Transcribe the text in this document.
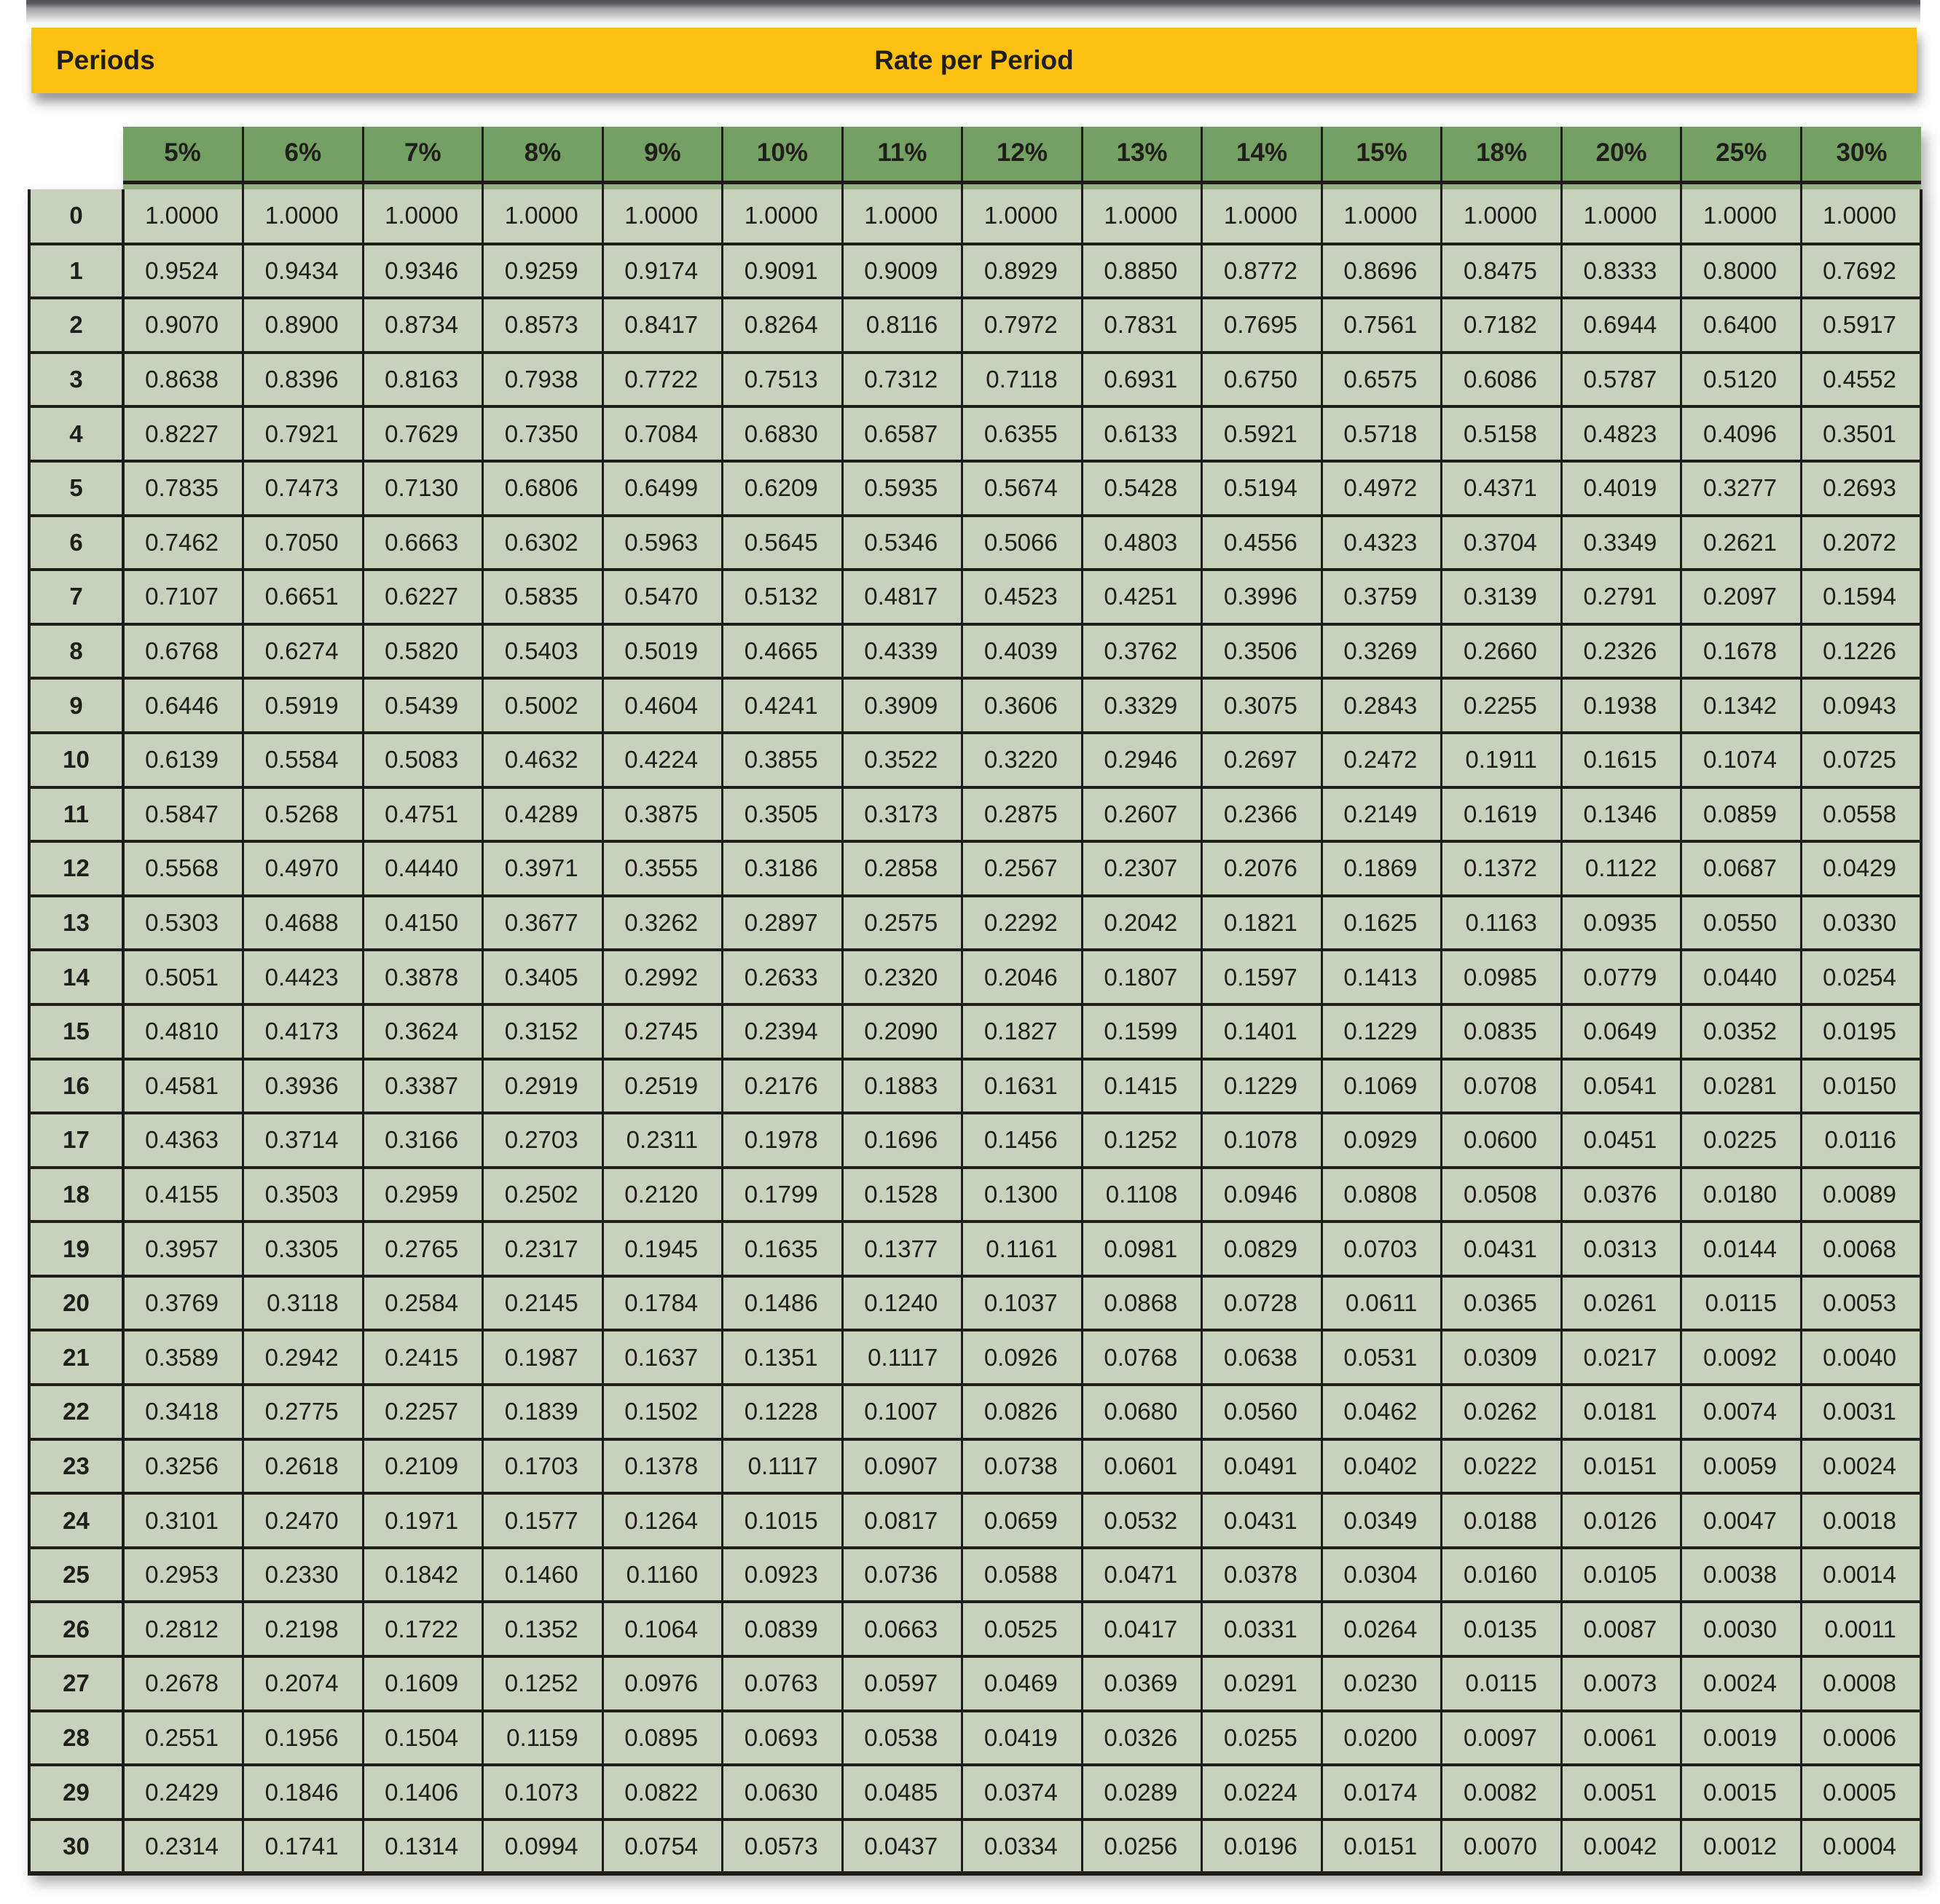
Periods	Rate per Period
	5%	6%	7%	8%	9%	10%	11%	12%	13%	14%	15%	18%	20%	25%	30%
0	1.0000	1.0000	1.0000	1.0000	1.0000	1.0000	1.0000	1.0000	1.0000	1.0000	1.0000	1.0000	1.0000	1.0000	1.0000
1	0.9524	0.9434	0.9346	0.9259	0.9174	0.9091	0.9009	0.8929	0.8850	0.8772	0.8696	0.8475	0.8333	0.8000	0.7692
2	0.9070	0.8900	0.8734	0.8573	0.8417	0.8264	0.8116	0.7972	0.7831	0.7695	0.7561	0.7182	0.6944	0.6400	0.5917
3	0.8638	0.8396	0.8163	0.7938	0.7722	0.7513	0.7312	0.7118	0.6931	0.6750	0.6575	0.6086	0.5787	0.5120	0.4552
4	0.8227	0.7921	0.7629	0.7350	0.7084	0.6830	0.6587	0.6355	0.6133	0.5921	0.5718	0.5158	0.4823	0.4096	0.3501
5	0.7835	0.7473	0.7130	0.6806	0.6499	0.6209	0.5935	0.5674	0.5428	0.5194	0.4972	0.4371	0.4019	0.3277	0.2693
6	0.7462	0.7050	0.6663	0.6302	0.5963	0.5645	0.5346	0.5066	0.4803	0.4556	0.4323	0.3704	0.3349	0.2621	0.2072
7	0.7107	0.6651	0.6227	0.5835	0.5470	0.5132	0.4817	0.4523	0.4251	0.3996	0.3759	0.3139	0.2791	0.2097	0.1594
8	0.6768	0.6274	0.5820	0.5403	0.5019	0.4665	0.4339	0.4039	0.3762	0.3506	0.3269	0.2660	0.2326	0.1678	0.1226
9	0.6446	0.5919	0.5439	0.5002	0.4604	0.4241	0.3909	0.3606	0.3329	0.3075	0.2843	0.2255	0.1938	0.1342	0.0943
10	0.6139	0.5584	0.5083	0.4632	0.4224	0.3855	0.3522	0.3220	0.2946	0.2697	0.2472	0.1911	0.1615	0.1074	0.0725
11	0.5847	0.5268	0.4751	0.4289	0.3875	0.3505	0.3173	0.2875	0.2607	0.2366	0.2149	0.1619	0.1346	0.0859	0.0558
12	0.5568	0.4970	0.4440	0.3971	0.3555	0.3186	0.2858	0.2567	0.2307	0.2076	0.1869	0.1372	0.1122	0.0687	0.0429
13	0.5303	0.4688	0.4150	0.3677	0.3262	0.2897	0.2575	0.2292	0.2042	0.1821	0.1625	0.1163	0.0935	0.0550	0.0330
14	0.5051	0.4423	0.3878	0.3405	0.2992	0.2633	0.2320	0.2046	0.1807	0.1597	0.1413	0.0985	0.0779	0.0440	0.0254
15	0.4810	0.4173	0.3624	0.3152	0.2745	0.2394	0.2090	0.1827	0.1599	0.1401	0.1229	0.0835	0.0649	0.0352	0.0195
16	0.4581	0.3936	0.3387	0.2919	0.2519	0.2176	0.1883	0.1631	0.1415	0.1229	0.1069	0.0708	0.0541	0.0281	0.0150
17	0.4363	0.3714	0.3166	0.2703	0.2311	0.1978	0.1696	0.1456	0.1252	0.1078	0.0929	0.0600	0.0451	0.0225	0.0116
18	0.4155	0.3503	0.2959	0.2502	0.2120	0.1799	0.1528	0.1300	0.1108	0.0946	0.0808	0.0508	0.0376	0.0180	0.0089
19	0.3957	0.3305	0.2765	0.2317	0.1945	0.1635	0.1377	0.1161	0.0981	0.0829	0.0703	0.0431	0.0313	0.0144	0.0068
20	0.3769	0.3118	0.2584	0.2145	0.1784	0.1486	0.1240	0.1037	0.0868	0.0728	0.0611	0.0365	0.0261	0.0115	0.0053
21	0.3589	0.2942	0.2415	0.1987	0.1637	0.1351	0.1117	0.0926	0.0768	0.0638	0.0531	0.0309	0.0217	0.0092	0.0040
22	0.3418	0.2775	0.2257	0.1839	0.1502	0.1228	0.1007	0.0826	0.0680	0.0560	0.0462	0.0262	0.0181	0.0074	0.0031
23	0.3256	0.2618	0.2109	0.1703	0.1378	0.1117	0.0907	0.0738	0.0601	0.0491	0.0402	0.0222	0.0151	0.0059	0.0024
24	0.3101	0.2470	0.1971	0.1577	0.1264	0.1015	0.0817	0.0659	0.0532	0.0431	0.0349	0.0188	0.0126	0.0047	0.0018
25	0.2953	0.2330	0.1842	0.1460	0.1160	0.0923	0.0736	0.0588	0.0471	0.0378	0.0304	0.0160	0.0105	0.0038	0.0014
26	0.2812	0.2198	0.1722	0.1352	0.1064	0.0839	0.0663	0.0525	0.0417	0.0331	0.0264	0.0135	0.0087	0.0030	0.0011
27	0.2678	0.2074	0.1609	0.1252	0.0976	0.0763	0.0597	0.0469	0.0369	0.0291	0.0230	0.0115	0.0073	0.0024	0.0008
28	0.2551	0.1956	0.1504	0.1159	0.0895	0.0693	0.0538	0.0419	0.0326	0.0255	0.0200	0.0097	0.0061	0.0019	0.0006
29	0.2429	0.1846	0.1406	0.1073	0.0822	0.0630	0.0485	0.0374	0.0289	0.0224	0.0174	0.0082	0.0051	0.0015	0.0005
30	0.2314	0.1741	0.1314	0.0994	0.0754	0.0573	0.0437	0.0334	0.0256	0.0196	0.0151	0.0070	0.0042	0.0012	0.0004
